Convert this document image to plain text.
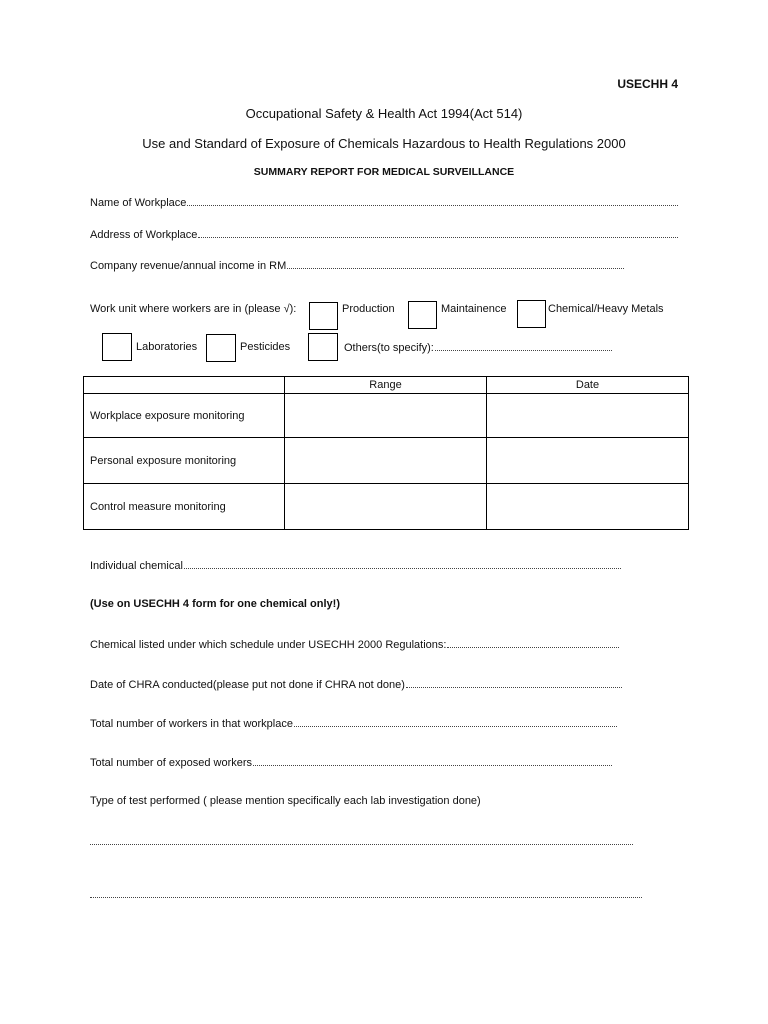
USECHH 4
Occupational Safety & Health Act 1994(Act 514)
Use and Standard of Exposure of Chemicals Hazardous to Health Regulations 2000
SUMMARY REPORT FOR MEDICAL SURVEILLANCE
Name of Workplace
Address of Workplace
Company revenue/annual income in RM
Work unit where workers are in (please √):	Production	Maintainence	Chemical/Heavy Metals
Laboratories	Pesticides	Others(to specify):
	Range	Date
Workplace exposure monitoring		
Personal exposure monitoring		
Control measure monitoring		
Individual chemical
(Use on USECHH 4 form for one chemical only!)
Chemical listed under which schedule under USECHH 2000 Regulations:
Date of CHRA conducted(please put not done if CHRA not done)
Total number of workers in that workplace
Total number of exposed workers
Type of test performed ( please mention specifically each lab investigation done)
